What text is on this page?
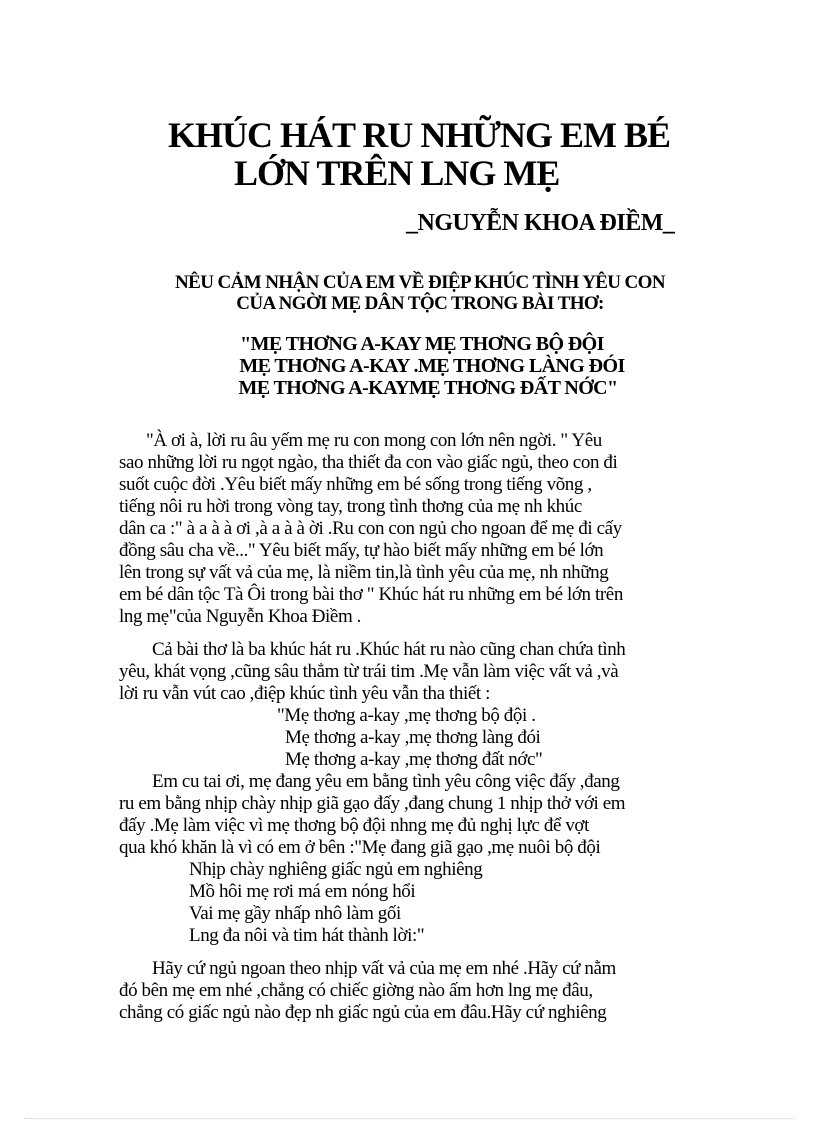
KHÚC HÁT RU NHỮNG EM BÉ
LỚN TRÊN LNG MẸ
_NGUYỄN KHOA ĐIỀM_
NÊU CẢM NHẬN CỦA EM VỀ ĐIỆP KHÚC TÌNH YÊU CON
CỦA NGỜI MẸ DÂN TỘC TRONG BÀI THƠ:
"MẸ THƠNG A-KAY MẸ THƠNG BỘ ĐỘI
MẸ THƠNG A-KAY .MẸ THƠNG LÀNG ĐÓI
MẸ THƠNG A-KAYMẸ THƠNG ĐẤT NỚC"

"À ơi à, lời ru âu yếm mẹ ru con mong con lớn nên ngời. " Yêu

sao những lời ru ngọt ngào, tha thiết đa con vào giấc ngủ, theo con đi

suốt cuộc đời .Yêu biết mấy những em bé sống trong tiếng võng ,

tiếng nôi ru hời trong vòng tay, trong tình thơng của mẹ nh khúc

dân ca :" à a à à ơi ,à a à à ời .Ru con con ngủ cho ngoan để mẹ đi cấy

đồng sâu cha về..." Yêu biết mấy, tự hào biết mấy những em bé lớn

lên trong sự vất vả của mẹ, là niềm tin,là tình yêu của mẹ, nh những

em bé dân tộc Tà Ôi trong bài thơ " Khúc hát ru những em bé lớn trên

lng mẹ"của Nguyễn Khoa Điềm .

Cả bài thơ là ba khúc hát ru .Khúc hát ru nào cũng chan chứa tình

yêu, khát vọng ,cũng sâu thẳm từ trái tim .Mẹ vẫn làm việc vất vả ,và

lời ru vẫn vút cao ,điệp khúc tình yêu vẫn tha thiết :

"Mẹ thơng a-kay ,mẹ thơng bộ đội .

Mẹ thơng a-kay ,mẹ thơng làng đói

Mẹ thơng a-kay ,mẹ thơng đất nớc"

Em cu tai ơi, mẹ đang yêu em bằng tình yêu công việc đấy ,đang

ru em bằng nhịp chày nhịp giã gạo đấy ,đang chung 1 nhịp thở với em

đấy .Mẹ làm việc vì mẹ thơng bộ đội nhng mẹ đủ nghị lực để vợt

qua khó khăn là vì có em ở bên :"Mẹ đang giã gạo ,mẹ nuôi bộ đội

Nhịp chày nghiêng giấc ngủ em nghiêng

Mồ hôi mẹ rơi má em nóng hổi

Vai mẹ gầy nhấp nhô làm gối

Lng đa nôi và tim hát thành lời:"

Hãy cứ ngủ ngoan theo nhịp vất vả của mẹ em nhé .Hãy cứ nằm

đó bên mẹ em nhé ,chẳng có chiếc giờng nào ấm hơn lng mẹ đâu,

chẳng có giấc ngủ nào đẹp nh giấc ngủ của em đâu.Hãy cứ nghiêng
